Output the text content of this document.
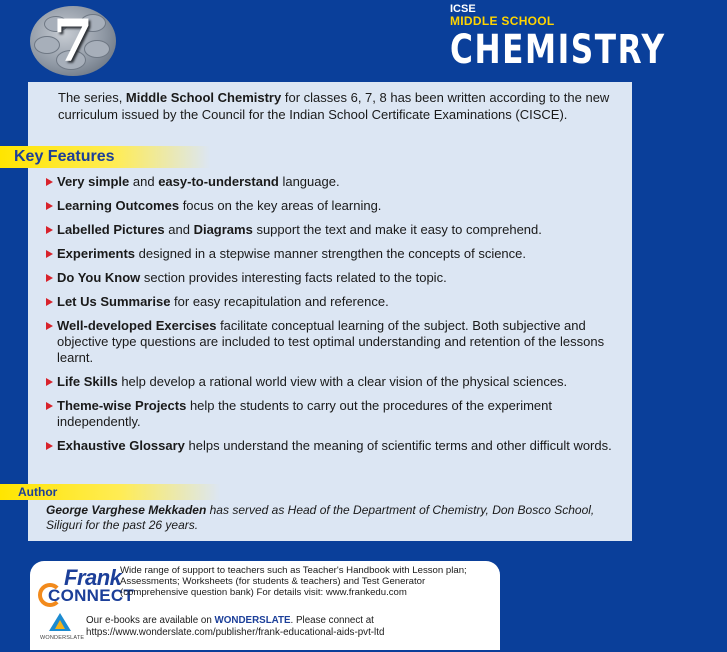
7	ICSE
MIDDLE SCHOOL
CHEMISTRY

The series, Middle School Chemistry for classes 6, 7, 8 has been written according to the new curriculum issued by the Council for the Indian School Certificate Examinations (CISCE).

Key Features
Very simple and easy-to-understand language.
Learning Outcomes focus on the key areas of learning.
Labelled Pictures and Diagrams support the text and make it easy to comprehend.
Experiments designed in a stepwise manner strengthen the concepts of science.
Do You Know section provides interesting facts related to the topic.
Let Us Summarise for easy recapitulation and reference.
Well-developed Exercises facilitate conceptual learning of the subject. Both subjective and objective type questions are included to test optimal understanding and retention of the lessons learnt.
Life Skills help develop a rational world view with a clear vision of the physical sciences.
Theme-wise Projects help the students to carry out the procedures of the experiment independently.
Exhaustive Glossary helps understand the meaning of scientific terms and other difficult words.
Author

George Varghese Mekkaden has served as Head of the Department of Chemistry, Don Bosco School, Siliguri for the past 26 years.

Frank
CONNECT

Wide range of support to teachers such as Teacher's Handbook with Lesson plan; Assessments; Worksheets (for students & teachers) and Test Generator (comprehensive question bank) For details visit: www.frankedu.com

WONDERSLATE

Our e-books are available on WONDERSLATE. Please connect at
https://www.wonderslate.com/publisher/frank-educational-aids-pvt-ltd
